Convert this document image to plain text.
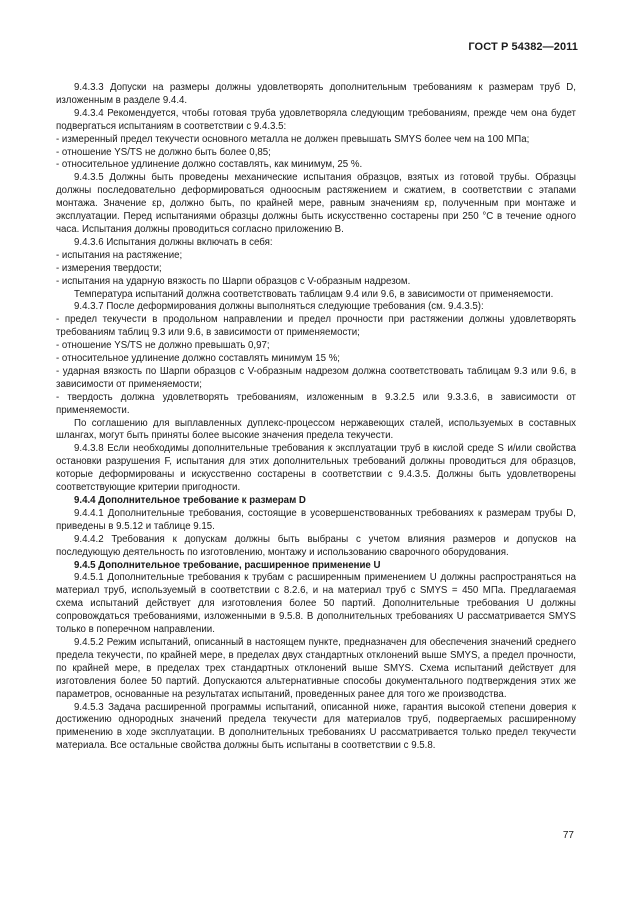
ГОСТ Р 54382—2011

9.4.3.3 Допуски на размеры должны удовлетворять дополнительным требованиям к размерам труб D, изложенным в разделе 9.4.4.

9.4.3.4 Рекомендуется, чтобы готовая труба удовлетворяла следующим требованиям, прежде чем она будет подвергаться испытаниям в соответствии с 9.4.3.5:

- измеренный предел текучести основного металла не должен превышать SMYS более чем на 100 МПа;

- отношение YS/TS не должно быть более 0,85;

- относительное удлинение должно составлять, как минимум, 25 %.

9.4.3.5 Должны быть проведены механические испытания образцов, взятых из готовой трубы. Образцы должны последовательно деформироваться одноосным растяжением и сжатием, в соответствии с этапами монтажа. Значение εp, должно быть, по крайней мере, равным значениям εp, полученным при монтаже и эксплуатации. Перед испытаниями образцы должны быть искусственно состарены при 250 °С в течение одного часа. Испытания должны проводиться согласно приложению В.

9.4.3.6 Испытания должны включать в себя:

- испытания на растяжение;

- измерения твердости;

- испытания на ударную вязкость по Шарпи образцов с V-образным надрезом.

Температура испытаний должна соответствовать таблицам 9.4 или 9.6, в зависимости от применяемости.

9.4.3.7 После деформирования должны выполняться следующие требования (см. 9.4.3.5):

- предел текучести в продольном направлении и предел прочности при растяжении должны удовлетворять требованиям таблиц 9.3 или 9.6, в зависимости от применяемости;

- отношение YS/TS не должно превышать 0,97;

- относительное удлинение должно составлять минимум 15 %;

- ударная вязкость по Шарпи образцов с V-образным надрезом должна соответствовать таблицам 9.3 или 9.6, в зависимости от применяемости;

- твердость должна удовлетворять требованиям, изложенным в 9.3.2.5 или 9.3.3.6, в зависимости от применяемости.

По соглашению для выплавленных дуплекс-процессом нержавеющих сталей, используемых в составных шлангах, могут быть приняты более высокие значения предела текучести.

9.4.3.8 Если необходимы дополнительные требования к эксплуатации труб в кислой среде S и/или свойства остановки разрушения F, испытания для этих дополнительных требований должны проводиться для образцов, которые деформированы и искусственно состарены в соответствии с 9.4.3.5. Должны быть удовлетворены соответствующие критерии пригодности.

9.4.4 Дополнительное требование к размерам D

9.4.4.1 Дополнительные требования, состоящие в усовершенствованных требованиях к размерам трубы D, приведены в 9.5.12 и таблице 9.15.

9.4.4.2 Требования к допускам должны быть выбраны с учетом влияния размеров и допусков на последующую деятельность по изготовлению, монтажу и использованию сварочного оборудования.

9.4.5 Дополнительное требование, расширенное применение U

9.4.5.1 Дополнительные требования к трубам с расширенным применением U должны распространяться на материал труб, используемый в соответствии с 8.2.6, и на материал труб с SMYS = 450 МПа. Предлагаемая схема испытаний действует для изготовления более 50 партий. Дополнительные требования U должны сопровождаться требованиями, изложенными в 9.5.8. В дополнительных требованиях U рассматривается SMYS только в поперечном направлении.

9.4.5.2 Режим испытаний, описанный в настоящем пункте, предназначен для обеспечения значений среднего предела текучести, по крайней мере, в пределах двух стандартных отклонений выше SMYS, а предел прочности, по крайней мере, в пределах трех стандартных отклонений выше SMYS. Схема испытаний действует для изготовления более 50 партий. Допускаются альтернативные способы документального подтверждения этих же параметров, основанные на результатах испытаний, проведенных ранее для того же производства.

9.4.5.3 Задача расширенной программы испытаний, описанной ниже, гарантия высокой степени доверия к достижению однородных значений предела текучести для материалов труб, подвергаемых расширенному применению в ходе эксплуатации. В дополнительных требованиях U рассматривается только предел текучести материала. Все остальные свойства должны быть испытаны в соответствии с 9.5.8.

77
